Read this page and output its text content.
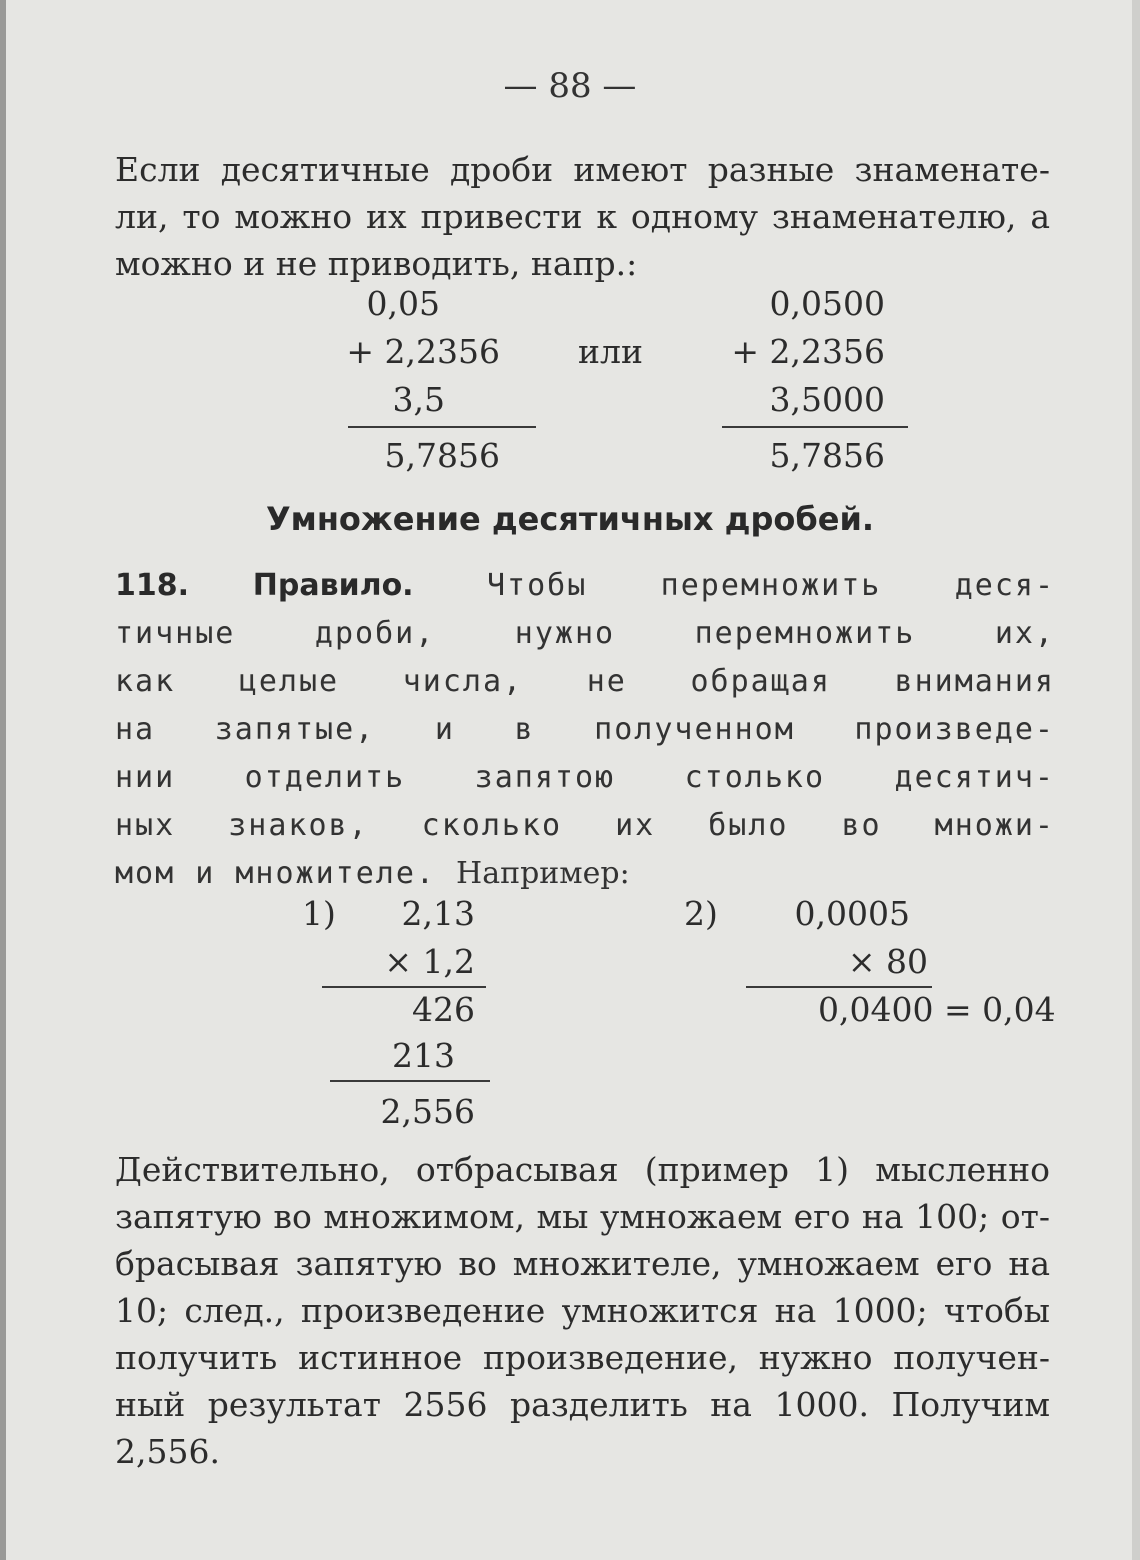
— 88 —

Если десятичные дроби имеют разные знаменате-
ли, то можно их привести к одному знаменателю, а
можно и не приводить, напр.:
0,05
+ 2,2356
3,5
5,7856
или
0,0500
+ 2,2356
3,5000
5,7856

Умножение десятичных дробей.

118. Правило. Чтобы перемножить деся-
тичные дроби, нужно перемножить их,
как целые числа, не обращая внимания
на запятые, и в полученном произведе-
нии отделить запятою столько десятич-
ных знаков, сколько их было во множи-
мом и множителе. Например:
1)	2,13
× 1,2
426
213
2,556
2)	0,0005
× 80
0,0400 = 0,04
Действительно, отбрасывая (пример 1) мысленно
запятую во множимом, мы умножаем его на 100; от-
брасывая запятую во множителе, умножаем его на
10; след., произведение умножится на 1000; чтобы
получить истинное произведение, нужно получен-
ный результат 2556 разделить на 1000. Получим
2,556.
